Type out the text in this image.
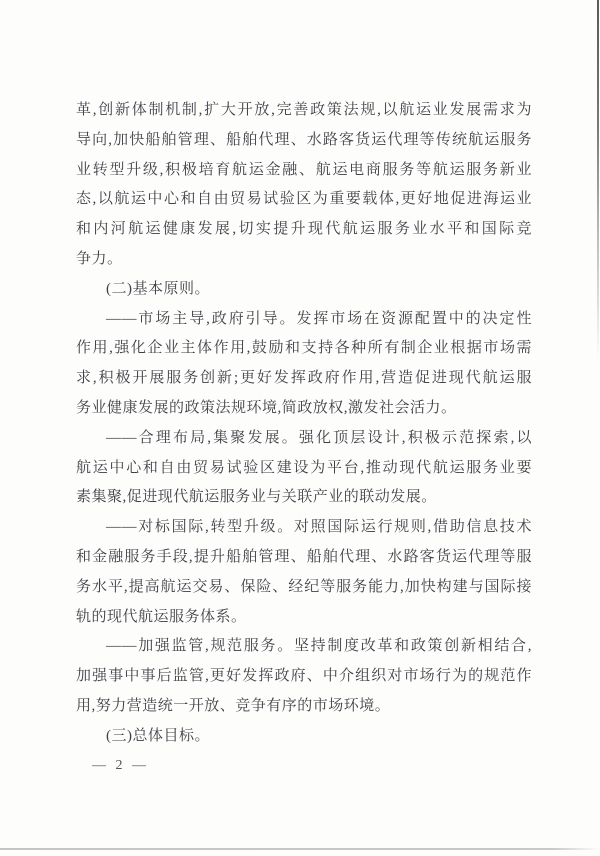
革,创新体制机制,扩大开放,完善政策法规,以航运业发展需求为
导向,加快船舶管理、船舶代理、水路客货运代理等传统航运服务
业转型升级,积极培育航运金融、航运电商服务等航运服务新业
态,以航运中心和自由贸易试验区为重要载体,更好地促进海运业
和内河航运健康发展,切实提升现代航运服务业水平和国际竞
争力。
(二)基本原则。
——市场主导,政府引导。发挥市场在资源配置中的决定性
作用,强化企业主体作用,鼓励和支持各种所有制企业根据市场需
求,积极开展服务创新;更好发挥政府作用,营造促进现代航运服
务业健康发展的政策法规环境,简政放权,激发社会活力。
——合理布局,集聚发展。强化顶层设计,积极示范探索,以
航运中心和自由贸易试验区建设为平台,推动现代航运服务业要
素集聚,促进现代航运服务业与关联产业的联动发展。
——对标国际,转型升级。对照国际运行规则,借助信息技术
和金融服务手段,提升船舶管理、船舶代理、水路客货运代理等服
务水平,提高航运交易、保险、经纪等服务能力,加快构建与国际接
轨的现代航运服务体系。
——加强监管,规范服务。坚持制度改革和政策创新相结合,
加强事中事后监管,更好发挥政府、中介组织对市场行为的规范作
用,努力营造统一开放、竞争有序的市场环境。
(三)总体目标。
— 2 —
